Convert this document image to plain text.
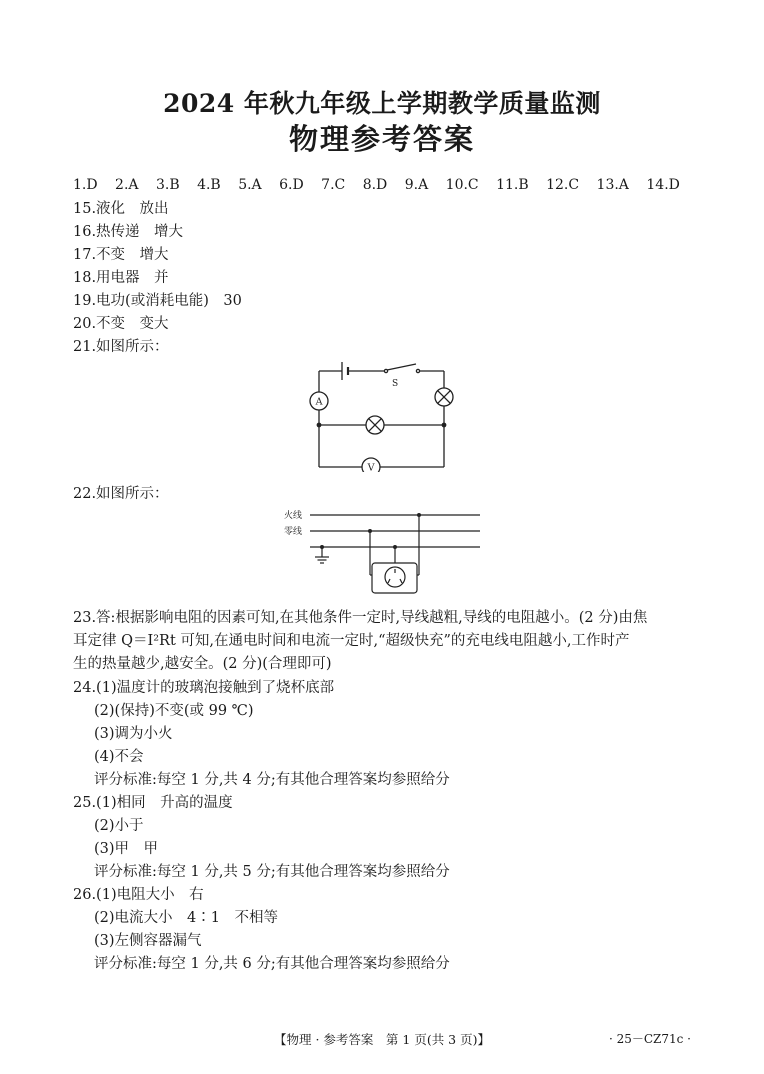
2024 年秋九年级上学期教学质量监测
物理参考答案
1.D 2.A 3.B 4.B 5.A 6.D 7.C 8.D 9.A 10.C 11.B 12.C 13.A 14.D
15.液化　放出
16.热传递　增大
17.不变　增大
18.用电器　并
19.电功(或消耗电能)　30
20.不变　变大
21.如图所示：
S
A
V
22.如图所示：
火线
零线
23.答:根据影响电阻的因素可知,在其他条件一定时,导线越粗,导线的电阻越小。(2 分)由焦
耳定律 Q＝I²Rt 可知,在通电时间和电流一定时,“超级快充”的充电线电阻越小,工作时产
生的热量越少,越安全。(2 分)(合理即可)
24.(1)温度计的玻璃泡接触到了烧杯底部
(2)(保持)不变(或 99 ℃)
(3)调为小火
(4)不会
评分标准:每空 1 分,共 4 分;有其他合理答案均参照给分
25.(1)相同　升高的温度
(2)小于
(3)甲　甲
评分标准:每空 1 分,共 5 分;有其他合理答案均参照给分
26.(1)电阻大小　右
(2)电流大小　4∶1　不相等
(3)左侧容器漏气
评分标准:每空 1 分,共 6 分;有其他合理答案均参照给分
【物理 · 参考答案　第 1 页(共 3 页)】	· 25－CZ71c ·
